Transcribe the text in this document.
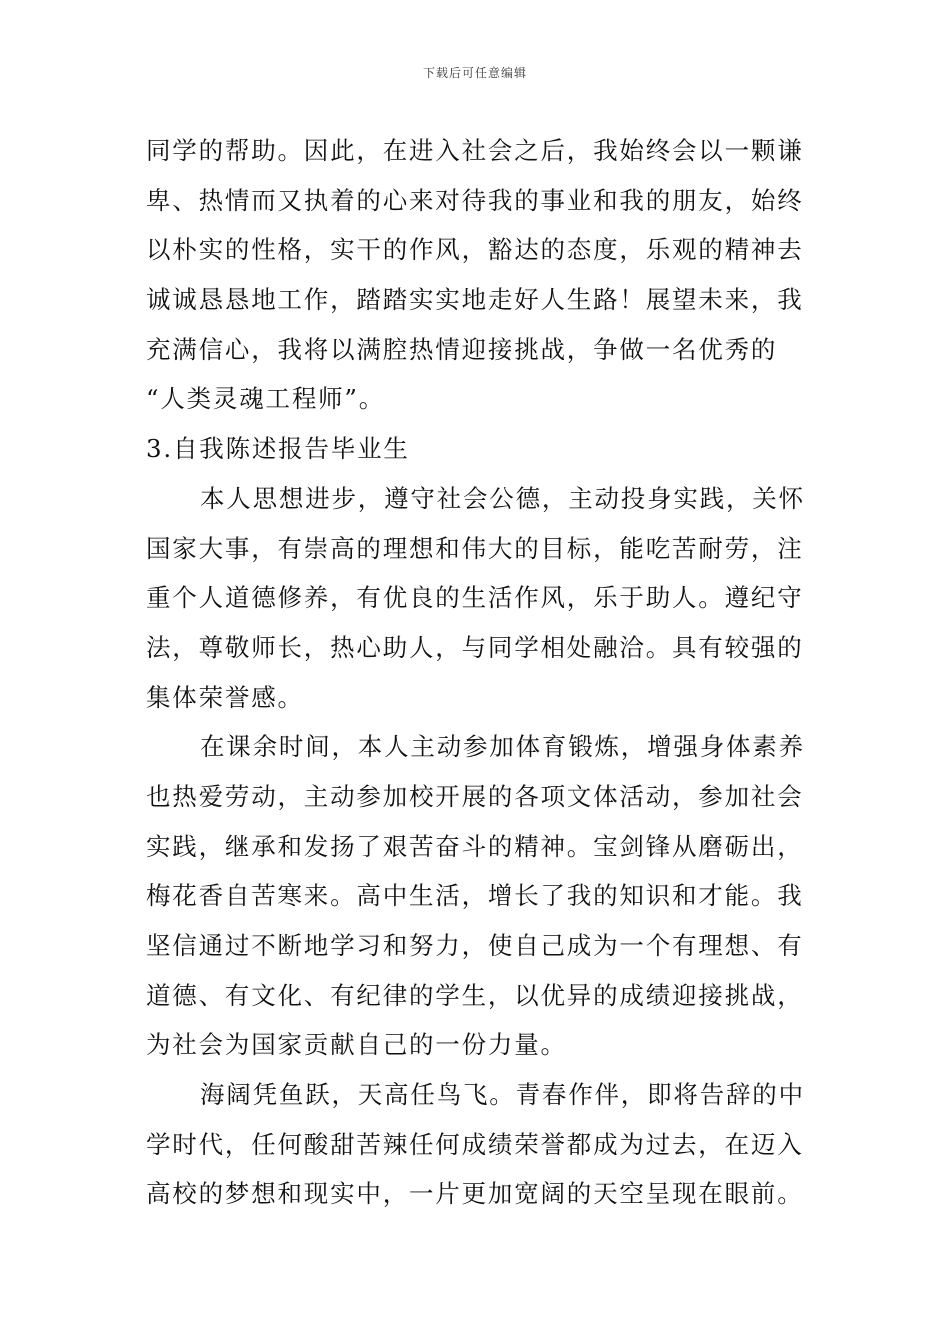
下载后可任意编辑
同学的帮助。因此，在进入社会之后，我始终会以一颗谦
卑、热情而又执着的心来对待我的事业和我的朋友，始终
以朴实的性格，实干的作风，豁达的态度，乐观的精神去
诚诚恳恳地工作，踏踏实实地走好人生路！展望未来，我
充满信心，我将以满腔热情迎接挑战，争做一名优秀的
“人类灵魂工程师”。
3.自我陈述报告毕业生
本人思想进步，遵守社会公德，主动投身实践，关怀
国家大事，有崇高的理想和伟大的目标，能吃苦耐劳，注
重个人道德修养，有优良的生活作风，乐于助人。遵纪守
法，尊敬师长，热心助人，与同学相处融洽。具有较强的
集体荣誉感。
在课余时间，本人主动参加体育锻炼，增强身体素养
也热爱劳动，主动参加校开展的各项文体活动，参加社会
实践，继承和发扬了艰苦奋斗的精神。宝剑锋从磨砺出，
梅花香自苦寒来。高中生活，增长了我的知识和才能。我
坚信通过不断地学习和努力，使自己成为一个有理想、有
道德、有文化、有纪律的学生，以优异的成绩迎接挑战，
为社会为国家贡献自己的一份力量。
海阔凭鱼跃，天高任鸟飞。青春作伴，即将告辞的中
学时代，任何酸甜苦辣任何成绩荣誉都成为过去，在迈入
高校的梦想和现实中，一片更加宽阔的天空呈现在眼前。
